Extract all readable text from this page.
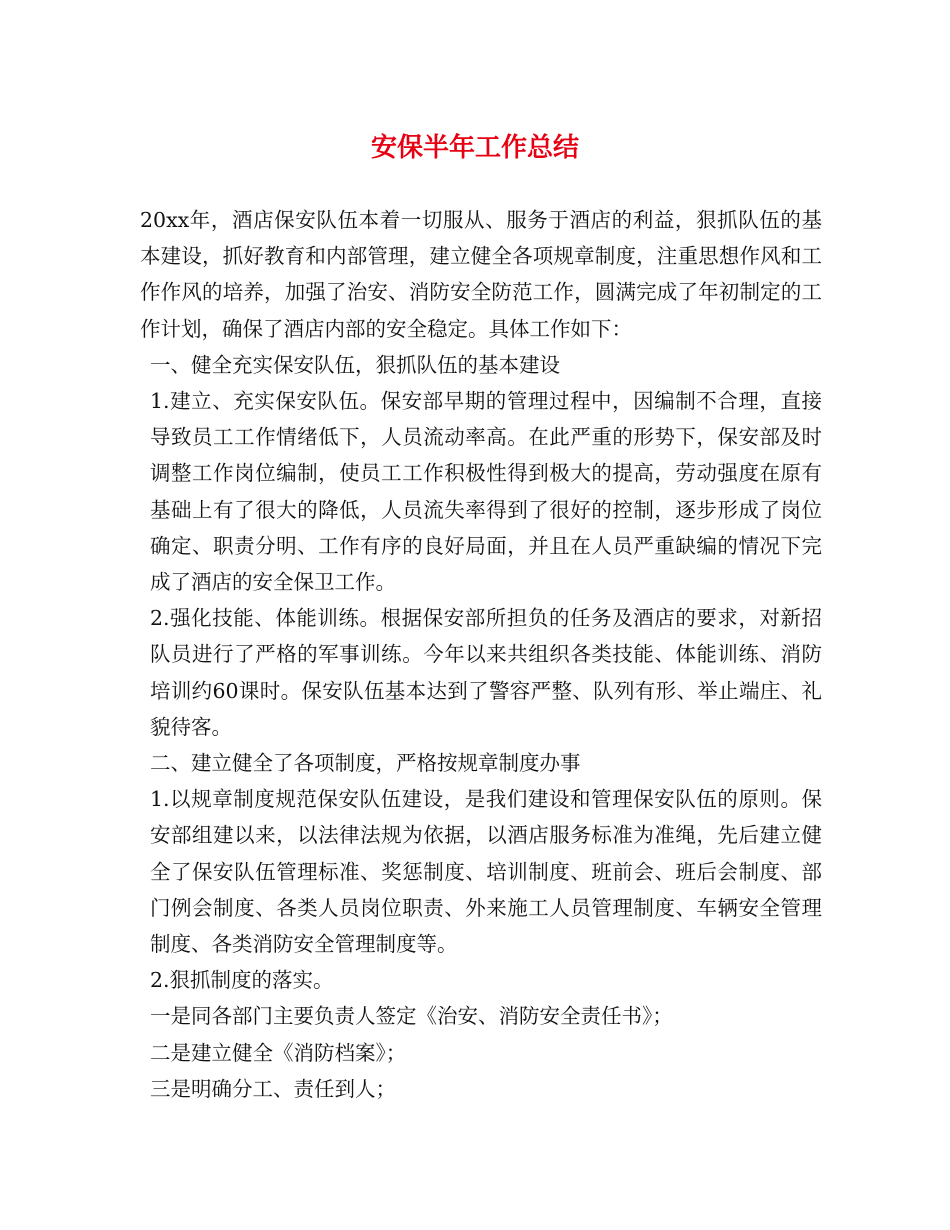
安保半年工作总结

20xx年，酒店保安队伍本着一切服从、服务于酒店的利益，狠抓队伍的基本建设，抓好教育和内部管理，建立健全各项规章制度，注重思想作风和工作作风的培养，加强了治安、消防安全防范工作，圆满完成了年初制定的工作计划，确保了酒店内部的安全稳定。具体工作如下：

一、健全充实保安队伍，狠抓队伍的基本建设

1.建立、充实保安队伍。保安部早期的管理过程中，因编制不合理，直接导致员工工作情绪低下，人员流动率高。在此严重的形势下，保安部及时调整工作岗位编制，使员工工作积极性得到极大的提高，劳动强度在原有基础上有了很大的降低，人员流失率得到了很好的控制，逐步形成了岗位确定、职责分明、工作有序的良好局面，并且在人员严重缺编的情况下完成了酒店的安全保卫工作。

2.强化技能、体能训练。根据保安部所担负的任务及酒店的要求，对新招队员进行了严格的军事训练。今年以来共组织各类技能、体能训练、消防培训约60课时。保安队伍基本达到了警容严整、队列有形、举止端庄、礼貌待客。

二、建立健全了各项制度，严格按规章制度办事

1.以规章制度规范保安队伍建设，是我们建设和管理保安队伍的原则。保安部组建以来，以法律法规为依据，以酒店服务标准为准绳，先后建立健全了保安队伍管理标准、奖惩制度、培训制度、班前会、班后会制度、部门例会制度、各类人员岗位职责、外来施工人员管理制度、车辆安全管理制度、各类消防安全管理制度等。

2.狠抓制度的落实。

一是同各部门主要负责人签定《治安、消防安全责任书》；

二是建立健全《消防档案》；

三是明确分工、责任到人；
